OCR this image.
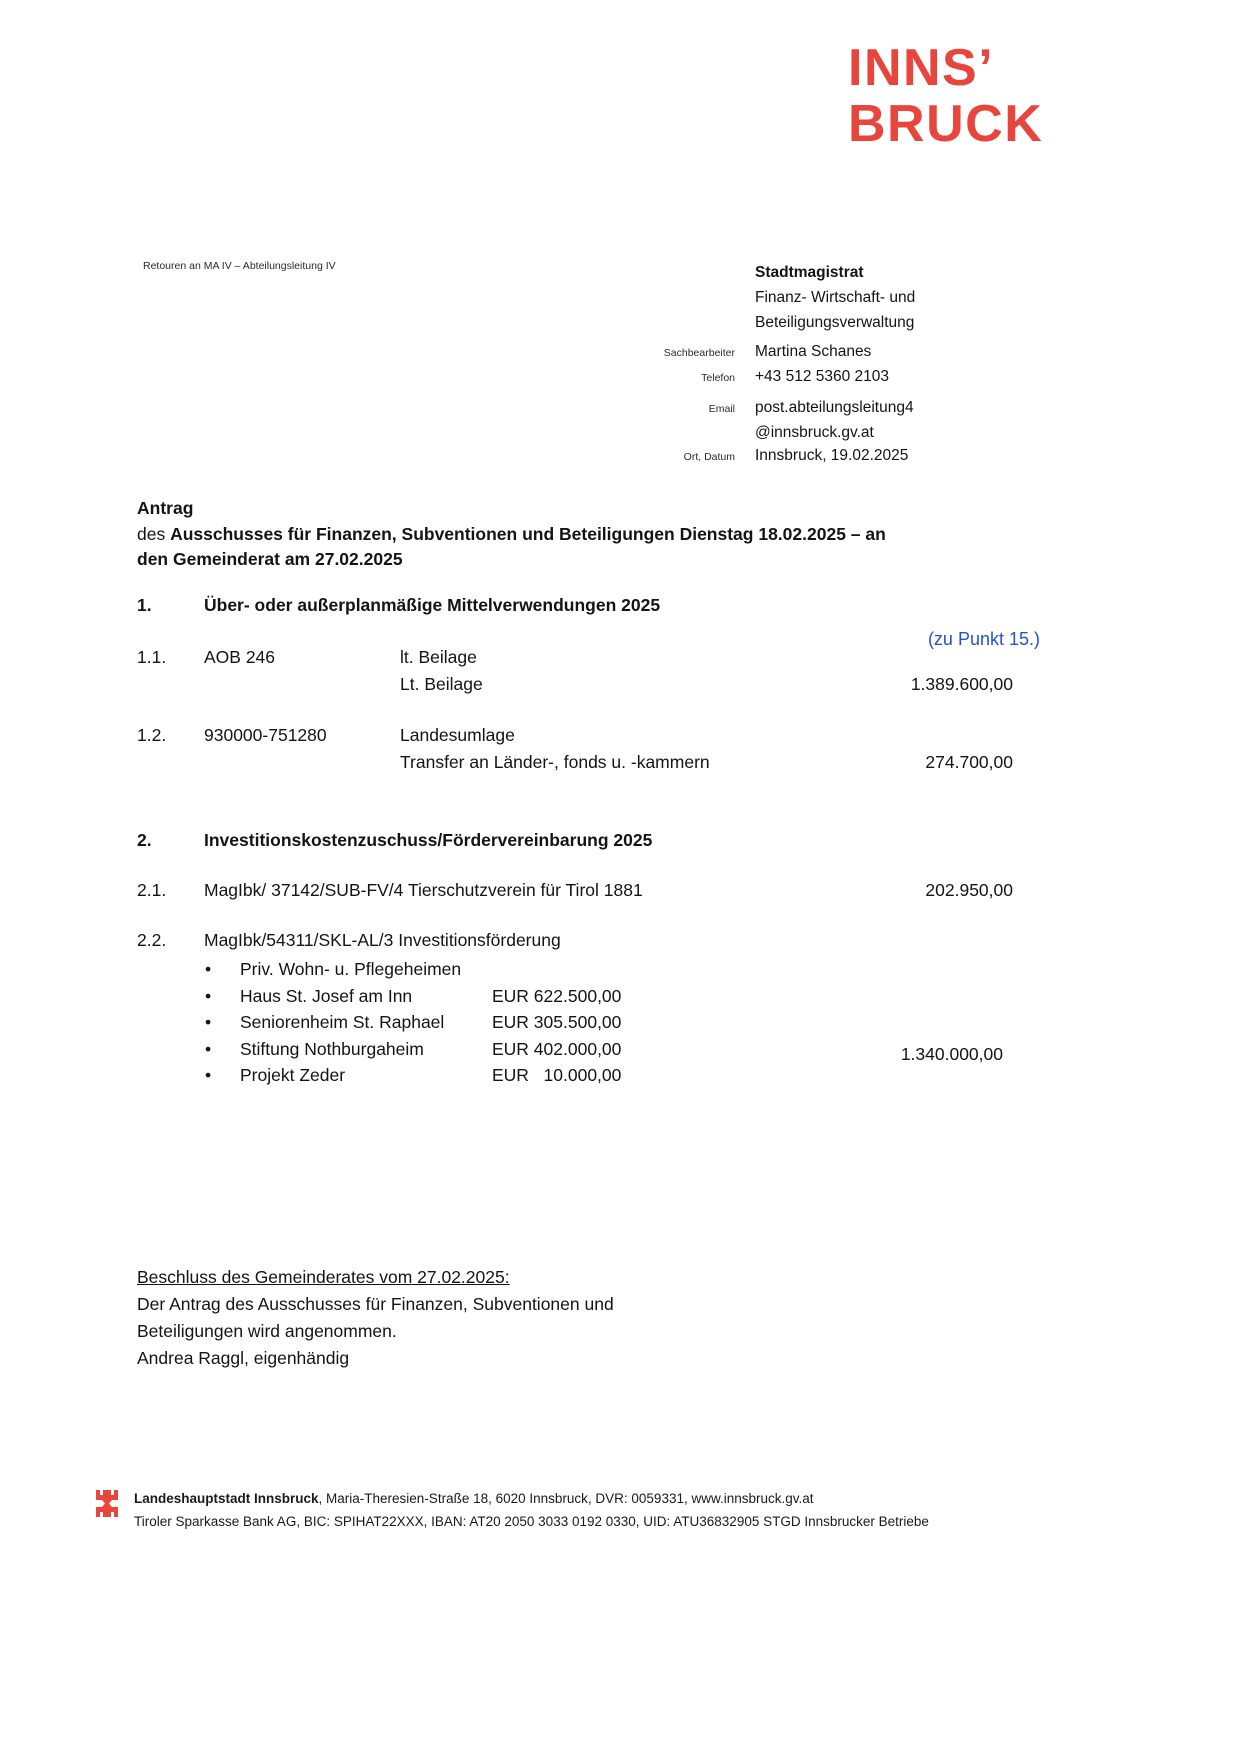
INNS’
BRUCK
Retouren an MA IV – Abteilungsleitung IV	Stadtmagistrat
Finanz- Wirtschaft- und
Beteiligungsverwaltung
Sachbearbeiter Martina Schanes
Telefon +43 512 5360 2103
Email post.abteilungsleitung4
@innsbruck.gv.at
Ort, Datum Innsbruck, 19.02.2025
Antrag
des Ausschusses für Finanzen, Subventionen und Beteiligungen Dienstag 18.02.2025 – an
den Gemeinderat am 27.02.2025
1.	Über- oder außerplanmäßige Mittelverwendungen 2025
(zu Punkt 15.)
1.1. AOB 246	lt. Beilage
Lt. Beilage	1.389.600,00
1.2. 930000-751280	Landesumlage
Transfer an Länder-, fonds u. -kammern	274.700,00
2.	Investitionskostenzuschuss/Fördervereinbarung 2025
2.1. MagIbk/ 37142/SUB-FV/4 Tierschutzverein für Tirol 1881	202.950,00
2.2. MagIbk/54311/SKL-AL/3 Investitionsförderung
•	Priv. Wohn- u. Pflegeheimen
•	Haus St. Josef am Inn	EUR 622.500,00
•	Seniorenheim St. Raphael	EUR 305.500,00
•	Stiftung Nothburgaheim	EUR 402.000,00
•	Projekt Zeder	EUR   10.000,00
1.340.000,00
Beschluss des Gemeinderates vom 27.02.2025:
Der Antrag des Ausschusses für Finanzen, Subventionen und
Beteiligungen wird angenommen.
Andrea Raggl, eigenhändig
Landeshauptstadt Innsbruck, Maria-Theresien-Straße 18, 6020 Innsbruck, DVR: 0059331, www.innsbruck.gv.at
Tiroler Sparkasse Bank AG, BIC: SPIHAT22XXX, IBAN: AT20 2050 3033 0192 0330, UID: ATU36832905 STGD Innsbrucker Betriebe
